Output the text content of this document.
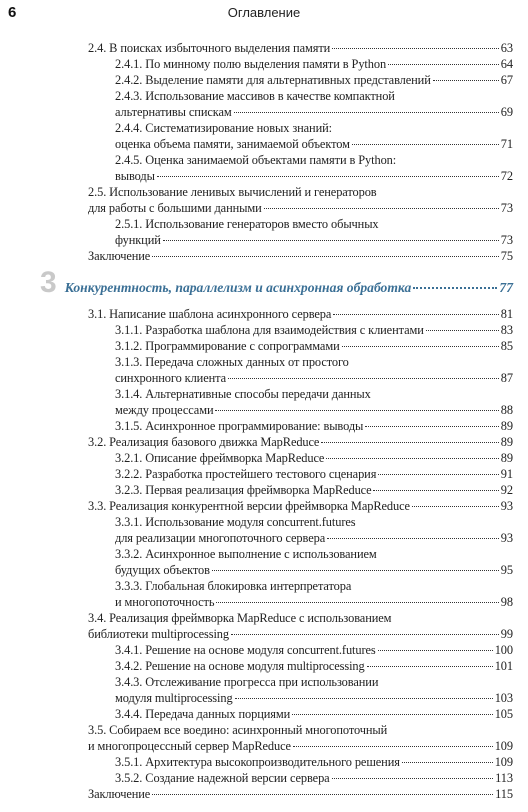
6	Оглавление
2.4. В поисках избыточного выделения памяти	63
2.4.1. По минному полю выделения памяти в Python	64
2.4.2. Выделение памяти для альтернативных представлений	67
2.4.3. Использование массивов в качестве компактной
альтернативы спискам	69
2.4.4. Систематизирование новых знаний:
оценка объема памяти, занимаемой объектом	71
2.4.5. Оценка занимаемой объектами памяти в Python:
выводы	72
2.5. Использование ленивых вычислений и генераторов
для работы с большими данными	73
2.5.1. Использование генераторов вместо обычных
функций	73
Заключение	75
3 Конкурентность, параллелизм и асинхронная обработка	77
3.1. Написание шаблона асинхронного сервера	81
3.1.1. Разработка шаблона для взаимодействия с клиентами	83
3.1.2. Программирование с сопрограммами	85
3.1.3. Передача сложных данных от простого
синхронного клиента	87
3.1.4. Альтернативные способы передачи данных
между процессами	88
3.1.5. Асинхронное программирование: выводы	89
3.2. Реализация базового движка MapReduce	89
3.2.1. Описание фреймворка MapReduce	89
3.2.2. Разработка простейшего тестового сценария	91
3.2.3. Первая реализация фреймворка MapReduce	92
3.3. Реализация конкурентной версии фреймворка MapReduce	93
3.3.1. Использование модуля concurrent.futures
для реализации многопоточного сервера	93
3.3.2. Асинхронное выполнение с использованием
будущих объектов	95
3.3.3. Глобальная блокировка интерпретатора
и многопоточность	98
3.4. Реализация фреймворка MapReduce с использованием
библиотеки multiprocessing	99
3.4.1. Решение на основе модуля concurrent.futures	100
3.4.2. Решение на основе модуля multiprocessing	101
3.4.3. Отслеживание прогресса при использовании
модуля multiprocessing	103
3.4.4. Передача данных порциями	105
3.5. Собираем все воедино: асинхронный многопоточный
и многопроцессный сервер MapReduce	109
3.5.1. Архитектура высокопроизводительного решения	109
3.5.2. Создание надежной версии сервера	113
Заключение	115
